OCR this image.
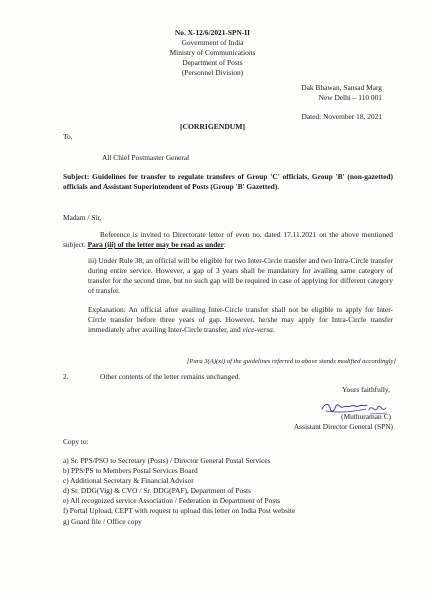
No. X-12/6/2021-SPN-II
Government of India
Ministry of Communications
Department of Posts
(Personnel Division)
Dak Bhawan, Sansad Marg
New Delhi – 110 001
Dated: November 18, 2021
[CORRIGENDUM]
To,
All Chief Postmaster General
Subject: Guidelines for transfer to regulate transfers of Group 'C' officials, Group 'B' (non-gazetted) officials and Assistant Superintendent of Posts (Group 'B' Gazetted).
Madam / Sir,
Reference is invited to Directorate letter of even no. dated 17.11.2021 on the above mentioned subject. Para (iii) of the letter may be read as under:

iii) Under Rule 38, an official will be eligible for two Inter-Circle transfer and two Intra-Circle transfer during entire service. However, a gap of 3 years shall be mandatory for availing same category of transfer for the second time, but no such gap will be required in case of applying for different category of transfer.

Explanation: An official after availing Inter-Circle transfer shall not be eligible to apply for Inter-Circle transfer before three years of gap. However, he/she may apply for Intra-Circle transfer immediately after availing Inter-Circle transfer, and vice-versa.

[Para 3(A)(xi) of the guidelines referred to above stands modified accordingly]
2.	Other contents of the letter remains unchanged.
Yours faithfully,
(Muthuraman C)
Assistant Director General (SPN)
Copy to:
a) Sr. PPS/PSO to Secretary (Posts) / Director General Postal Services
b) PPS/PS to Members Postal Services Board
c) Additional Secretary & Financial Advisor
d) Sr. DDG(Vig) & CVO / Sr. DDG(PAF), Department of Posts
e) All recognized service Association / Federation in Department of Posts
f) Portal Upload, CEPT with request to upload this letter on India Post website
g) Guard file / Office copy
